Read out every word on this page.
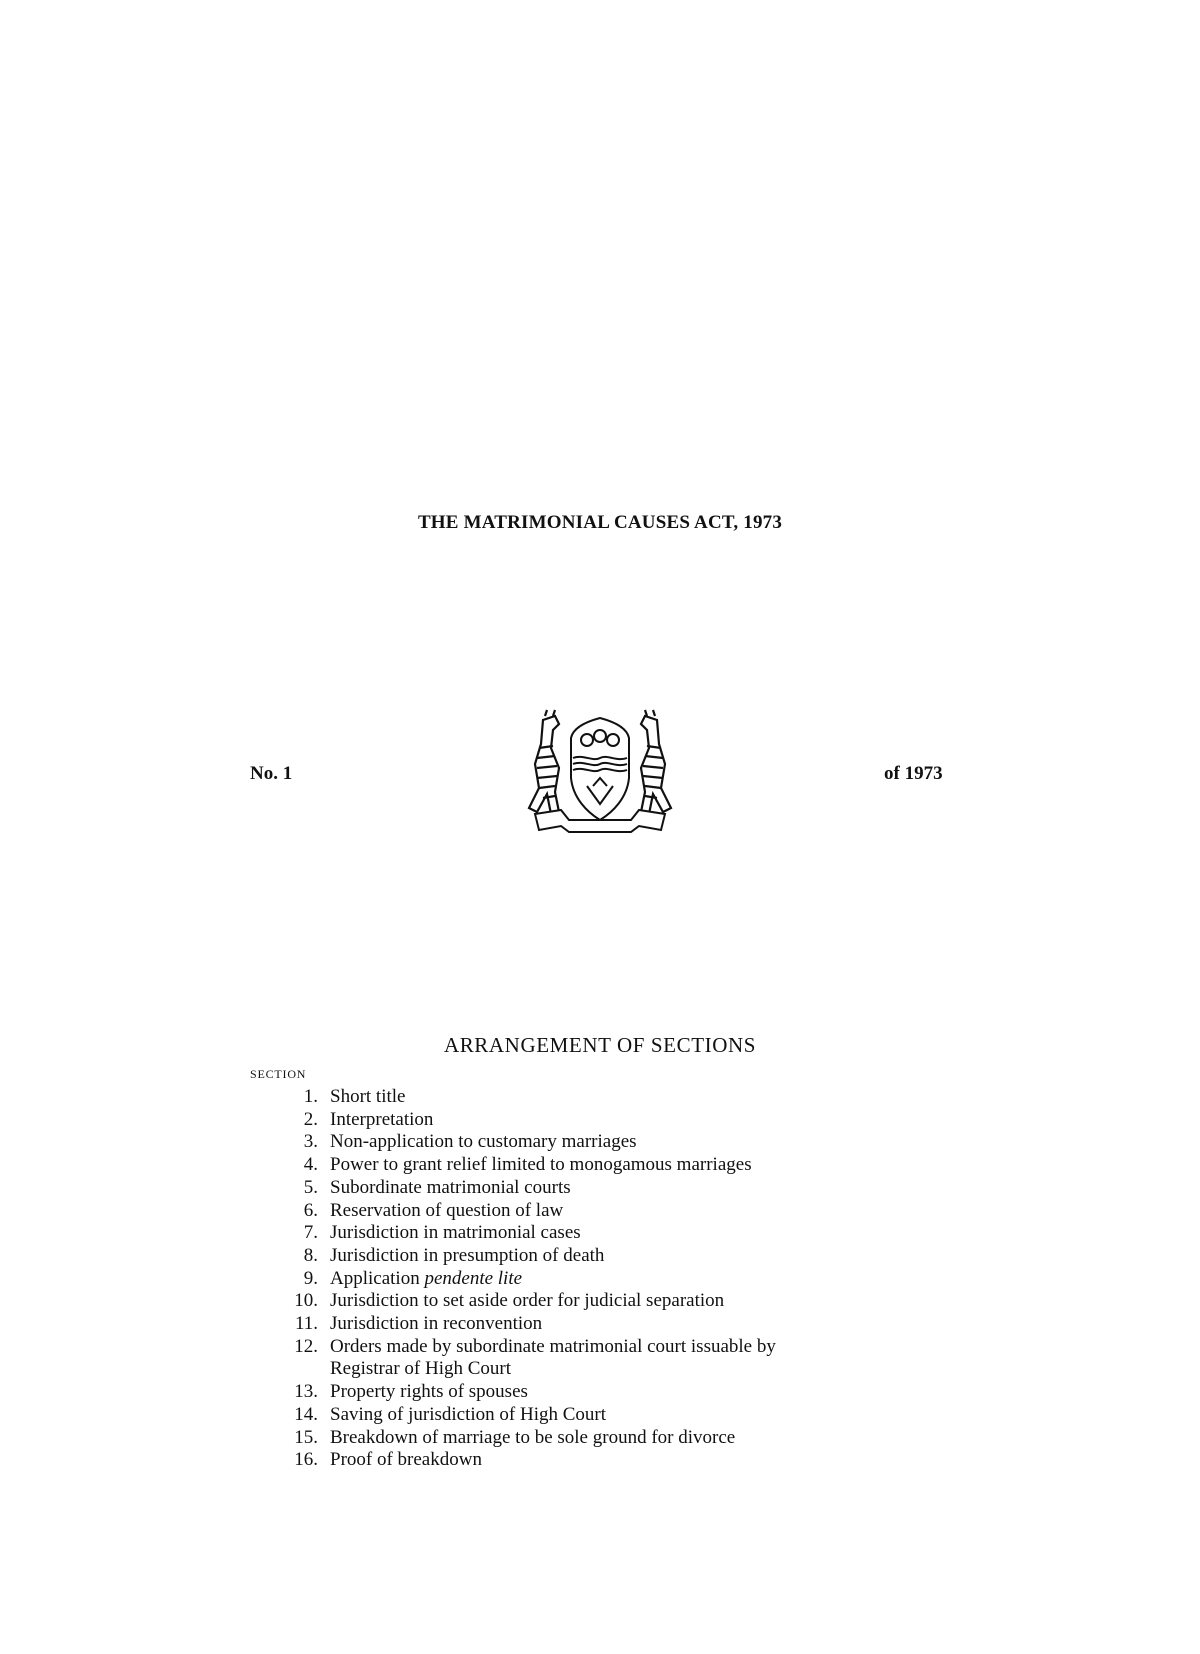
THE MATRIMONIAL CAUSES ACT, 1973
No. 1	of 1973
ARRANGEMENT OF SECTIONS
SECTION
1. Short title
2. Interpretation
3. Non-application to customary marriages
4. Power to grant relief limited to monogamous marriages
5. Subordinate matrimonial courts
6. Reservation of question of law
7. Jurisdiction in matrimonial cases
8. Jurisdiction in presumption of death
9. Application pendente lite
10. Jurisdiction to set aside order for judicial separation
11. Jurisdiction in reconvention
12. Orders made by subordinate matrimonial court issuable by
Registrar of High Court
13. Property rights of spouses
14. Saving of jurisdiction of High Court
15. Breakdown of marriage to be sole ground for divorce
16. Proof of breakdown
